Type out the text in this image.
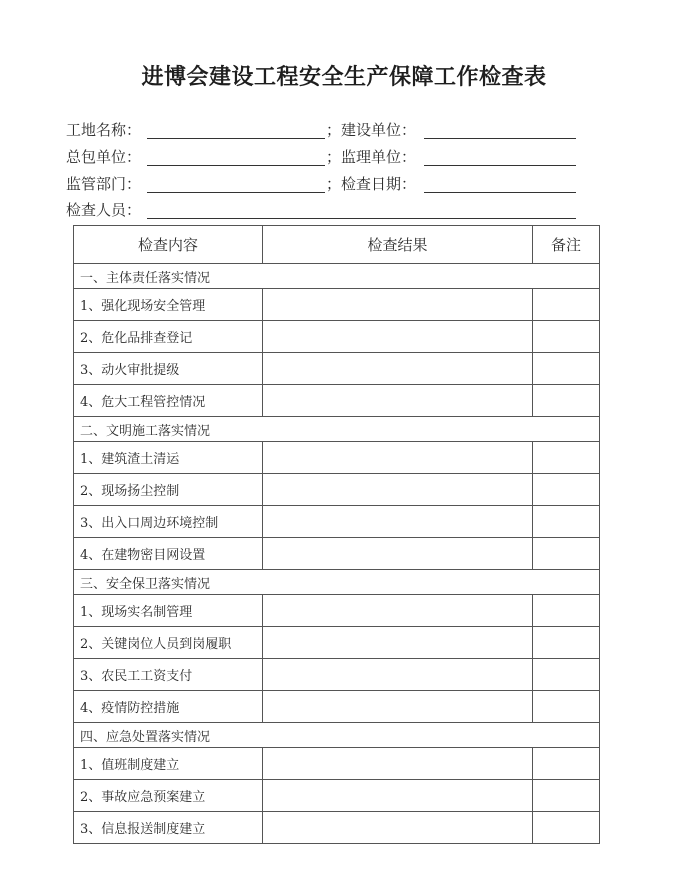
进博会建设工程安全生产保障工作检查表
工地名称：	；建设单位：
总包单位：	；监理单位：
监管部门：	；检查日期：
检查人员：
检查内容	检查结果	备注
一、主体责任落实情况		
1、强化现场安全管理		
2、危化品排查登记		
3、动火审批提级		
4、危大工程管控情况		
二、文明施工落实情况		
1、建筑渣土清运		
2、现场扬尘控制		
3、出入口周边环境控制		
4、在建物密目网设置		
三、安全保卫落实情况		
1、现场实名制管理		
2、关键岗位人员到岗履职		
3、农民工工资支付		
4、疫情防控措施		
四、应急处置落实情况		
1、值班制度建立		
2、事故应急预案建立		
3、信息报送制度建立		
